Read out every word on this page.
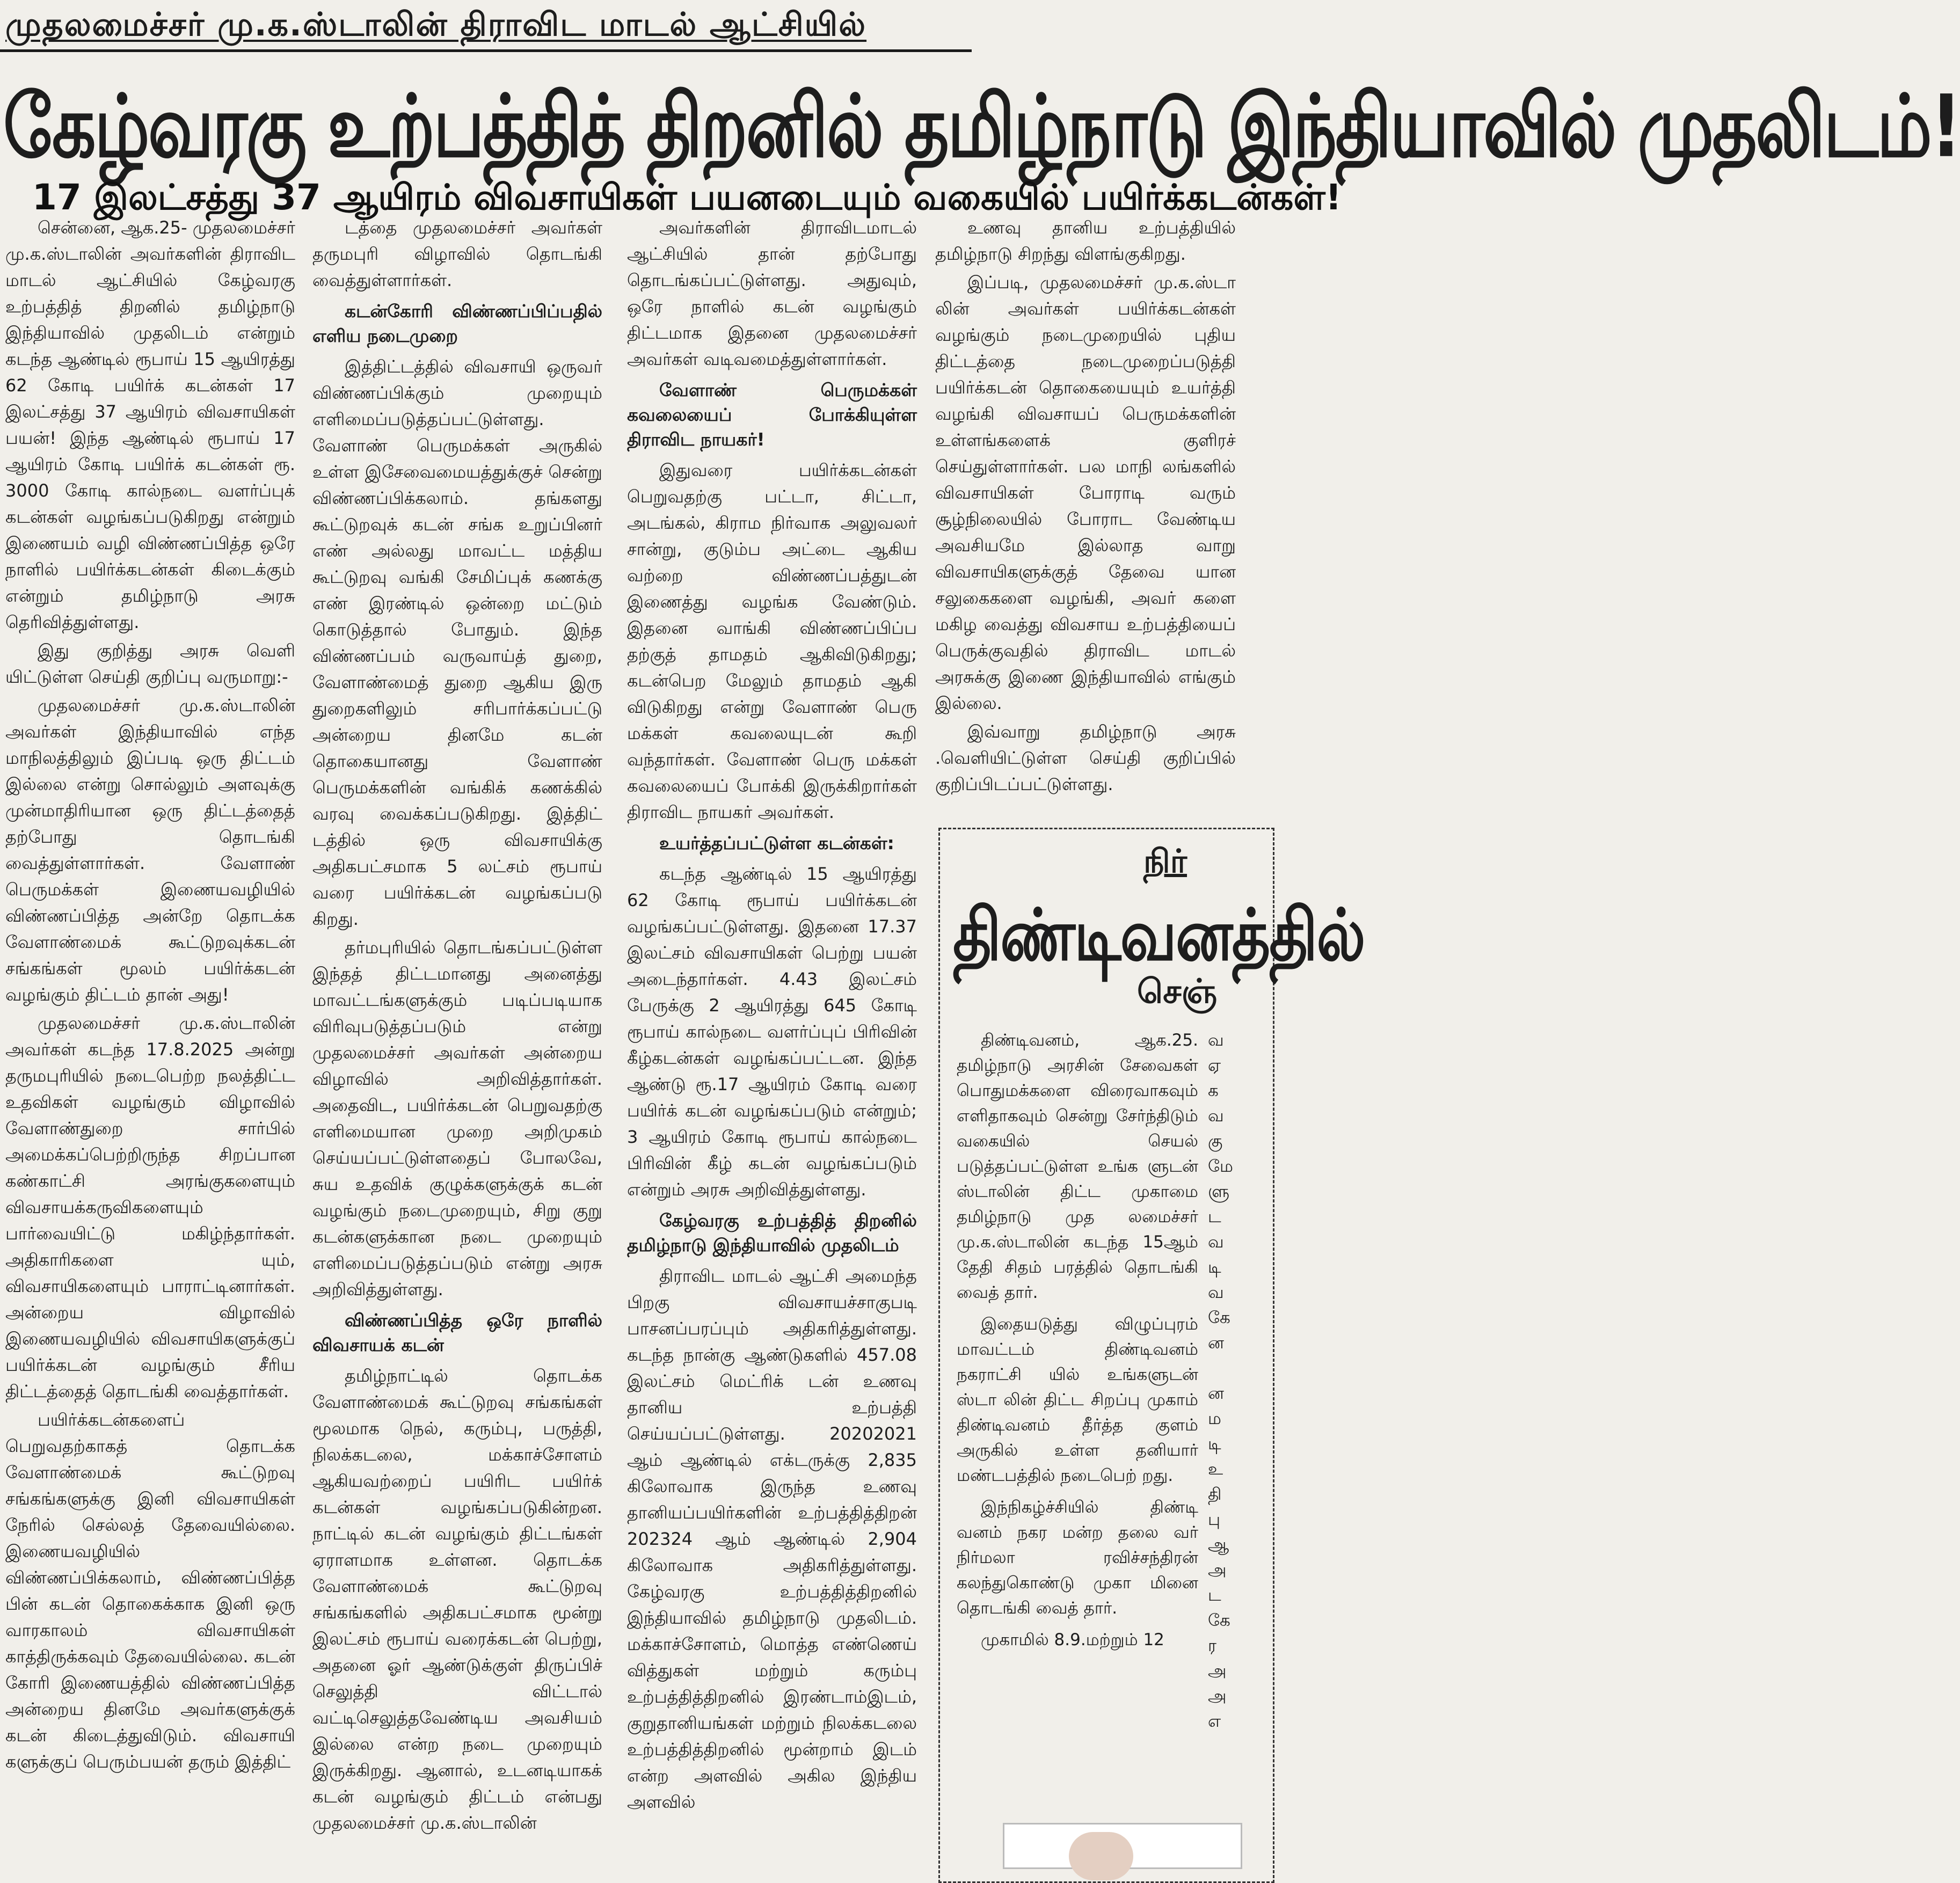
முதலமைச்சர் மு.க.ஸ்டாலின் திராவிட மாடல் ஆட்சியில்
கேழ்வரகு உற்பத்தித் திறனில் தமிழ்நாடு இந்தியாவில் முதலிடம்!
17 இலட்சத்து 37 ஆயிரம் விவசாயிகள் பயனடையும் வகையில் பயிர்க்கடன்கள்!

சென்னை, ஆக.25- முதலமைச்சர் மு.க.ஸ்டாலின் அவர்களின் திராவிட மாடல் ஆட்சியில் கேழ்வரகு உற்பத்தித் திறனில் தமிழ்நாடு இந்தியாவில் முதலிடம் என்றும் கடந்த ஆண்டில் ரூபாய் 15 ஆயிரத்து 62 கோடி பயிர்க் கடன்கள் 17 இலட்சத்து 37 ஆயிரம் விவசாயிகள் பயன்! இந்த ஆண்டில் ரூபாய் 17 ஆயிரம் கோடி பயிர்க் கடன்கள் ரூ. 3000 கோடி கால்நடை வளர்ப்புக் கடன்கள் வழங்கப்படுகிறது என்றும் இணையம் வழி விண்ணப்பித்த ஒரே நாளில் பயிர்க்கடன்கள் கிடைக்கும் என்றும் தமிழ்நாடு அரசு தெரிவித்துள்ளது.

இது குறித்து அரசு வெளி யிட்டுள்ள செய்தி குறிப்பு வருமாறு:-

முதலமைச்சர் மு.க.ஸ்டாலின் அவர்கள் இந்தியாவில் எந்த மாநிலத்திலும் இப்படி ஒரு திட்டம் இல்லை என்று சொல்லும் அளவுக்கு முன்மாதிரியான ஒரு திட்டத்தைத் தற்போது தொடங்கி வைத்துள்ளார்கள். வேளாண் பெருமக்கள் இணையவழியில் விண்ணப்பித்த அன்றே தொடக்க வேளாண்மைக் கூட்டுறவுக்கடன் சங்கங்கள் மூலம் பயிர்க்கடன் வழங்கும் திட்டம் தான் அது!

முதலமைச்சர் மு.க.ஸ்டாலின் அவர்கள் கடந்த 17.8.2025 அன்று தருமபுரியில் நடைபெற்ற நலத்திட்ட உதவிகள் வழங்கும் விழாவில் வேளாண்துறை சார்பில் அமைக்கப்பெற்றிருந்த சிறப்பான கண்காட்சி அரங்குகளையும் விவசாயக்கருவிகளையும் பார்வையிட்டு மகிழ்ந்தார்கள். அதிகாரிகளை யும், விவசாயிகளையும் பாராட்டினார்கள். அன்றைய விழாவில் இணையவழியில் விவசாயிகளுக்குப் பயிர்க்கடன் வழங்கும் சீரிய திட்டத்தைத் தொடங்கி வைத்தார்கள்.

பயிர்க்கடன்களைப் பெறுவதற்காகத் தொடக்க வேளாண்மைக் கூட்டுறவு சங்கங்களுக்கு இனி விவசாயிகள் நேரில் செல்லத் தேவையில்லை. இணையவழியில் விண்ணப்பிக்கலாம், விண்ணப்பித்த பின் கடன் தொகைக்காக இனி ஒரு வாரகாலம் விவசாயிகள் காத்திருக்கவும் தேவையில்லை. கடன் கோரி இணையத்தில் விண்ணப்பித்த அன்றைய தினமே அவர்களுக்குக் கடன் கிடைத்துவிடும். விவசாயி களுக்குப் பெரும்பயன் தரும் இத்திட்

டத்தை முதலமைச்சர் அவர்கள் தருமபுரி விழாவில் தொடங்கி வைத்துள்ளார்கள்.

கடன்கோரி விண்ணப்பிப்பதில் எளிய நடைமுறை

இத்திட்டத்தில் விவசாயி ஒருவர் விண்ணப்பிக்கும் முறையும் எளிமைப்படுத்தப்பட்டுள்ளது. வேளாண் பெருமக்கள் அருகில் உள்ள இசேவைமையத்துக்குச் சென்று விண்ணப்பிக்கலாம். தங்களது கூட்டுறவுக் கடன் சங்க உறுப்பினர் எண் அல்லது மாவட்ட மத்திய கூட்டுறவு வங்கி சேமிப்புக் கணக்கு எண் இரண்டில் ஒன்றை மட்டும் கொடுத்தால் போதும். இந்த விண்ணப்பம் வருவாய்த் துறை, வேளாண்மைத் துறை ஆகிய இரு துறைகளிலும் சரிபார்க்கப்பட்டு அன்றைய தினமே கடன் தொகையானது வேளாண் பெருமக்களின் வங்கிக் கணக்கில் வரவு வைக்கப்படுகிறது. இத்திட் டத்தில் ஒரு விவசாயிக்கு அதிகபட்சமாக 5 லட்சம் ரூபாய் வரை பயிர்க்கடன் வழங்கப்படு கிறது.

தர்மபுரியில் தொடங்கப்பட்டுள்ள இந்தத் திட்டமானது அனைத்து மாவட்டங்களுக்கும் படிப்படியாக விரிவுபடுத்தப்படும் என்று முதலமைச்சர் அவர்கள் அன்றைய விழாவில் அறிவித்தார்கள். அதைவிட, பயிர்க்கடன் பெறுவதற்கு எளிமையான முறை அறிமுகம் செய்யப்பட்டுள்ளதைப் போலவே, சுய உதவிக் குழுக்களுக்குக் கடன் வழங்கும் நடைமுறையும், சிறு குறு கடன்களுக்கான நடை முறையும் எளிமைப்படுத்தப்படும் என்று அரசு அறிவித்துள்ளது.

விண்ணப்பித்த ஒரே நாளில் விவசாயக் கடன்

தமிழ்நாட்டில் தொடக்க வேளாண்மைக் கூட்டுறவு சங்கங்கள் மூலமாக நெல், கரும்பு, பருத்தி, நிலக்கடலை, மக்காச்சோளம் ஆகியவற்றைப் பயிரிட பயிர்க் கடன்கள் வழங்கப்படுகின்றன. நாட்டில் கடன் வழங்கும் திட்டங்கள் ஏராளமாக உள்ளன. தொடக்க வேளாண்மைக் கூட்டுறவு சங்கங்களில் அதிகபட்சமாக மூன்று இலட்சம் ரூபாய் வரைக்கடன் பெற்று, அதனை ஓர் ஆண்டுக்குள் திருப்பிச் செலுத்தி விட்டால் வட்டிசெலுத்தவேண்டிய அவசியம் இல்லை என்ற நடை முறையும் இருக்கிறது. ஆனால், உடனடியாகக் கடன் வழங்கும் திட்டம் என்பது முதலமைச்சர் மு.க.ஸ்டாலின்

அவர்களின் திராவிடமாடல் ஆட்சியில் தான் தற்போது தொடங்கப்பட்டுள்ளது. அதுவும், ஒரே நாளில் கடன் வழங்கும் திட்டமாக இதனை முதலமைச்சர் அவர்கள் வடிவமைத்துள்ளார்கள்.

வேளாண் பெருமக்கள் கவலையைப் போக்கியுள்ள திராவிட நாயகர்!

இதுவரை பயிர்க்கடன்கள் பெறுவதற்கு பட்டா, சிட்டா, அடங்கல், கிராம நிர்வாக அலுவலர் சான்று, குடும்ப அட்டை ஆகிய வற்றை விண்ணப்பத்துடன் இணைத்து வழங்க வேண்டும். இதனை வாங்கி விண்ணப்பிப்ப தற்குத் தாமதம் ஆகிவிடுகிறது; கடன்பெற மேலும் தாமதம் ஆகி விடுகிறது என்று வேளாண் பெரு மக்கள் கவலையுடன் கூறி வந்தார்கள். வேளாண் பெரு மக்கள் கவலையைப் போக்கி இருக்கிறார்கள் திராவிட நாயகர் அவர்கள்.

உயர்த்தப்பட்டுள்ள கடன்கள்:

கடந்த ஆண்டில் 15 ஆயிரத்து 62 கோடி ரூபாய் பயிர்க்கடன் வழங்கப்பட்டுள்ளது. இதனை 17.37 இலட்சம் விவசாயிகள் பெற்று பயன் அடைந்தார்கள். 4.43 இலட்சம் பேருக்கு 2 ஆயிரத்து 645 கோடி ரூபாய் கால்நடை வளர்ப்புப் பிரிவின் கீழ்கடன்கள் வழங்கப்பட்டன. இந்த ஆண்டு ரூ.17 ஆயிரம் கோடி வரை பயிர்க் கடன் வழங்கப்படும் என்றும்; 3 ஆயிரம் கோடி ரூபாய் கால்நடை பிரிவின் கீழ் கடன் வழங்கப்படும் என்றும் அரசு அறிவித்துள்ளது.

கேழ்வரகு உற்பத்தித் திறனில் தமிழ்நாடு இந்தியாவில் முதலிடம்

திராவிட மாடல் ஆட்சி அமைந்த பிறகு விவசாயச்சாகுபடி பாசனப்பரப்பும் அதிகரித்துள்ளது. கடந்த நான்கு ஆண்டுகளில் 457.08 இலட்சம் மெட்ரிக் டன் உணவு தானிய உற்பத்தி செய்யப்பட்டுள்ளது. 20202021 ஆம் ஆண்டில் எக்டருக்கு 2,835 கிலோவாக இருந்த உணவு தானியப்பயிர்களின் உற்பத்தித்திறன் 202324 ஆம் ஆண்டில் 2,904 கிலோவாக அதிகரித்துள்ளது. கேழ்வரகு உற்பத்தித்திறனில் இந்தியாவில் தமிழ்நாடு முதலிடம். மக்காச்சோளம், மொத்த எண்ணெய் வித்துகள் மற்றும் கரும்பு உற்பத்தித்திறனில் இரண்டாம்இடம், குறுதானியங்கள் மற்றும் நிலக்கடலை உற்பத்தித்திறனில் மூன்றாம் இடம் என்ற அளவில் அகில இந்திய அளவில்

உணவு தானிய உற்பத்தியில் தமிழ்நாடு சிறந்து விளங்குகிறது.

இப்படி, முதலமைச்சர் மு.க.ஸ்டா லின் அவர்கள் பயிர்க்கடன்கள் வழங்கும் நடைமுறையில் புதிய திட்டத்தை நடைமுறைப்படுத்தி பயிர்க்கடன் தொகையையும் உயர்த்தி வழங்கி விவசாயப் பெருமக்களின் உள்ளங்களைக் குளிரச் செய்துள்ளார்கள். பல மாநி லங்களில் விவசாயிகள் போராடி வரும் சூழ்நிலையில் போராட வேண்டிய அவசியமே இல்லாத வாறு விவசாயிகளுக்குத் தேவை யான சலுகைகளை வழங்கி, அவர் களை மகிழ வைத்து விவசாய உற்பத்தியைப் பெருக்குவதில் திராவிட மாடல் அரசுக்கு இணை இந்தியாவில் எங்கும் இல்லை.

இவ்வாறு தமிழ்நாடு அரசு .வெளியிட்டுள்ள செய்தி குறிப்பில் குறிப்பிடப்பட்டுள்ளது.

நிர்
திண்டிவனத்தில்
செஞ்

திண்டிவனம், ஆக.25. தமிழ்நாடு அரசின் சேவைகள் பொதுமக்களை விரைவாகவும் எளிதாகவும் சென்று சேர்ந்திடும் வகையில் செயல் படுத்தப்பட்டுள்ள உங்க ளுடன் ஸ்டாலின் திட்ட முகாமை தமிழ்நாடு முத லமைச்சர் மு.க.ஸ்டாலின் கடந்த 15ஆம் தேதி சிதம் பரத்தில் தொடங்கி வைத் தார்.

இதையடுத்து விழுப்புரம் மாவட்டம் திண்டிவனம் நகராட்சி யில் உங்களுடன் ஸ்டா லின் திட்ட சிறப்பு முகாம் திண்டிவனம் தீர்த்த குளம் அருகில் உள்ள தனியார் மண்டபத்தில் நடைபெற் றது.

இந்நிகழ்ச்சியில் திண்டி வனம் நகர மன்ற தலை வர் நிர்மலா ரவிச்சந்திரன் கலந்துகொண்டு முகா மினை தொடங்கி வைத் தார்.

முகாமில் 8.9.மற்றும் 12

வ
ஏ
க
வ
கு
மே
ளு
ட
வ
டி
வ
கே
ன

ன
ம
டி
உ
தி
பு
ஆ
அ
ட
கே
ர
அ
அ
எ
